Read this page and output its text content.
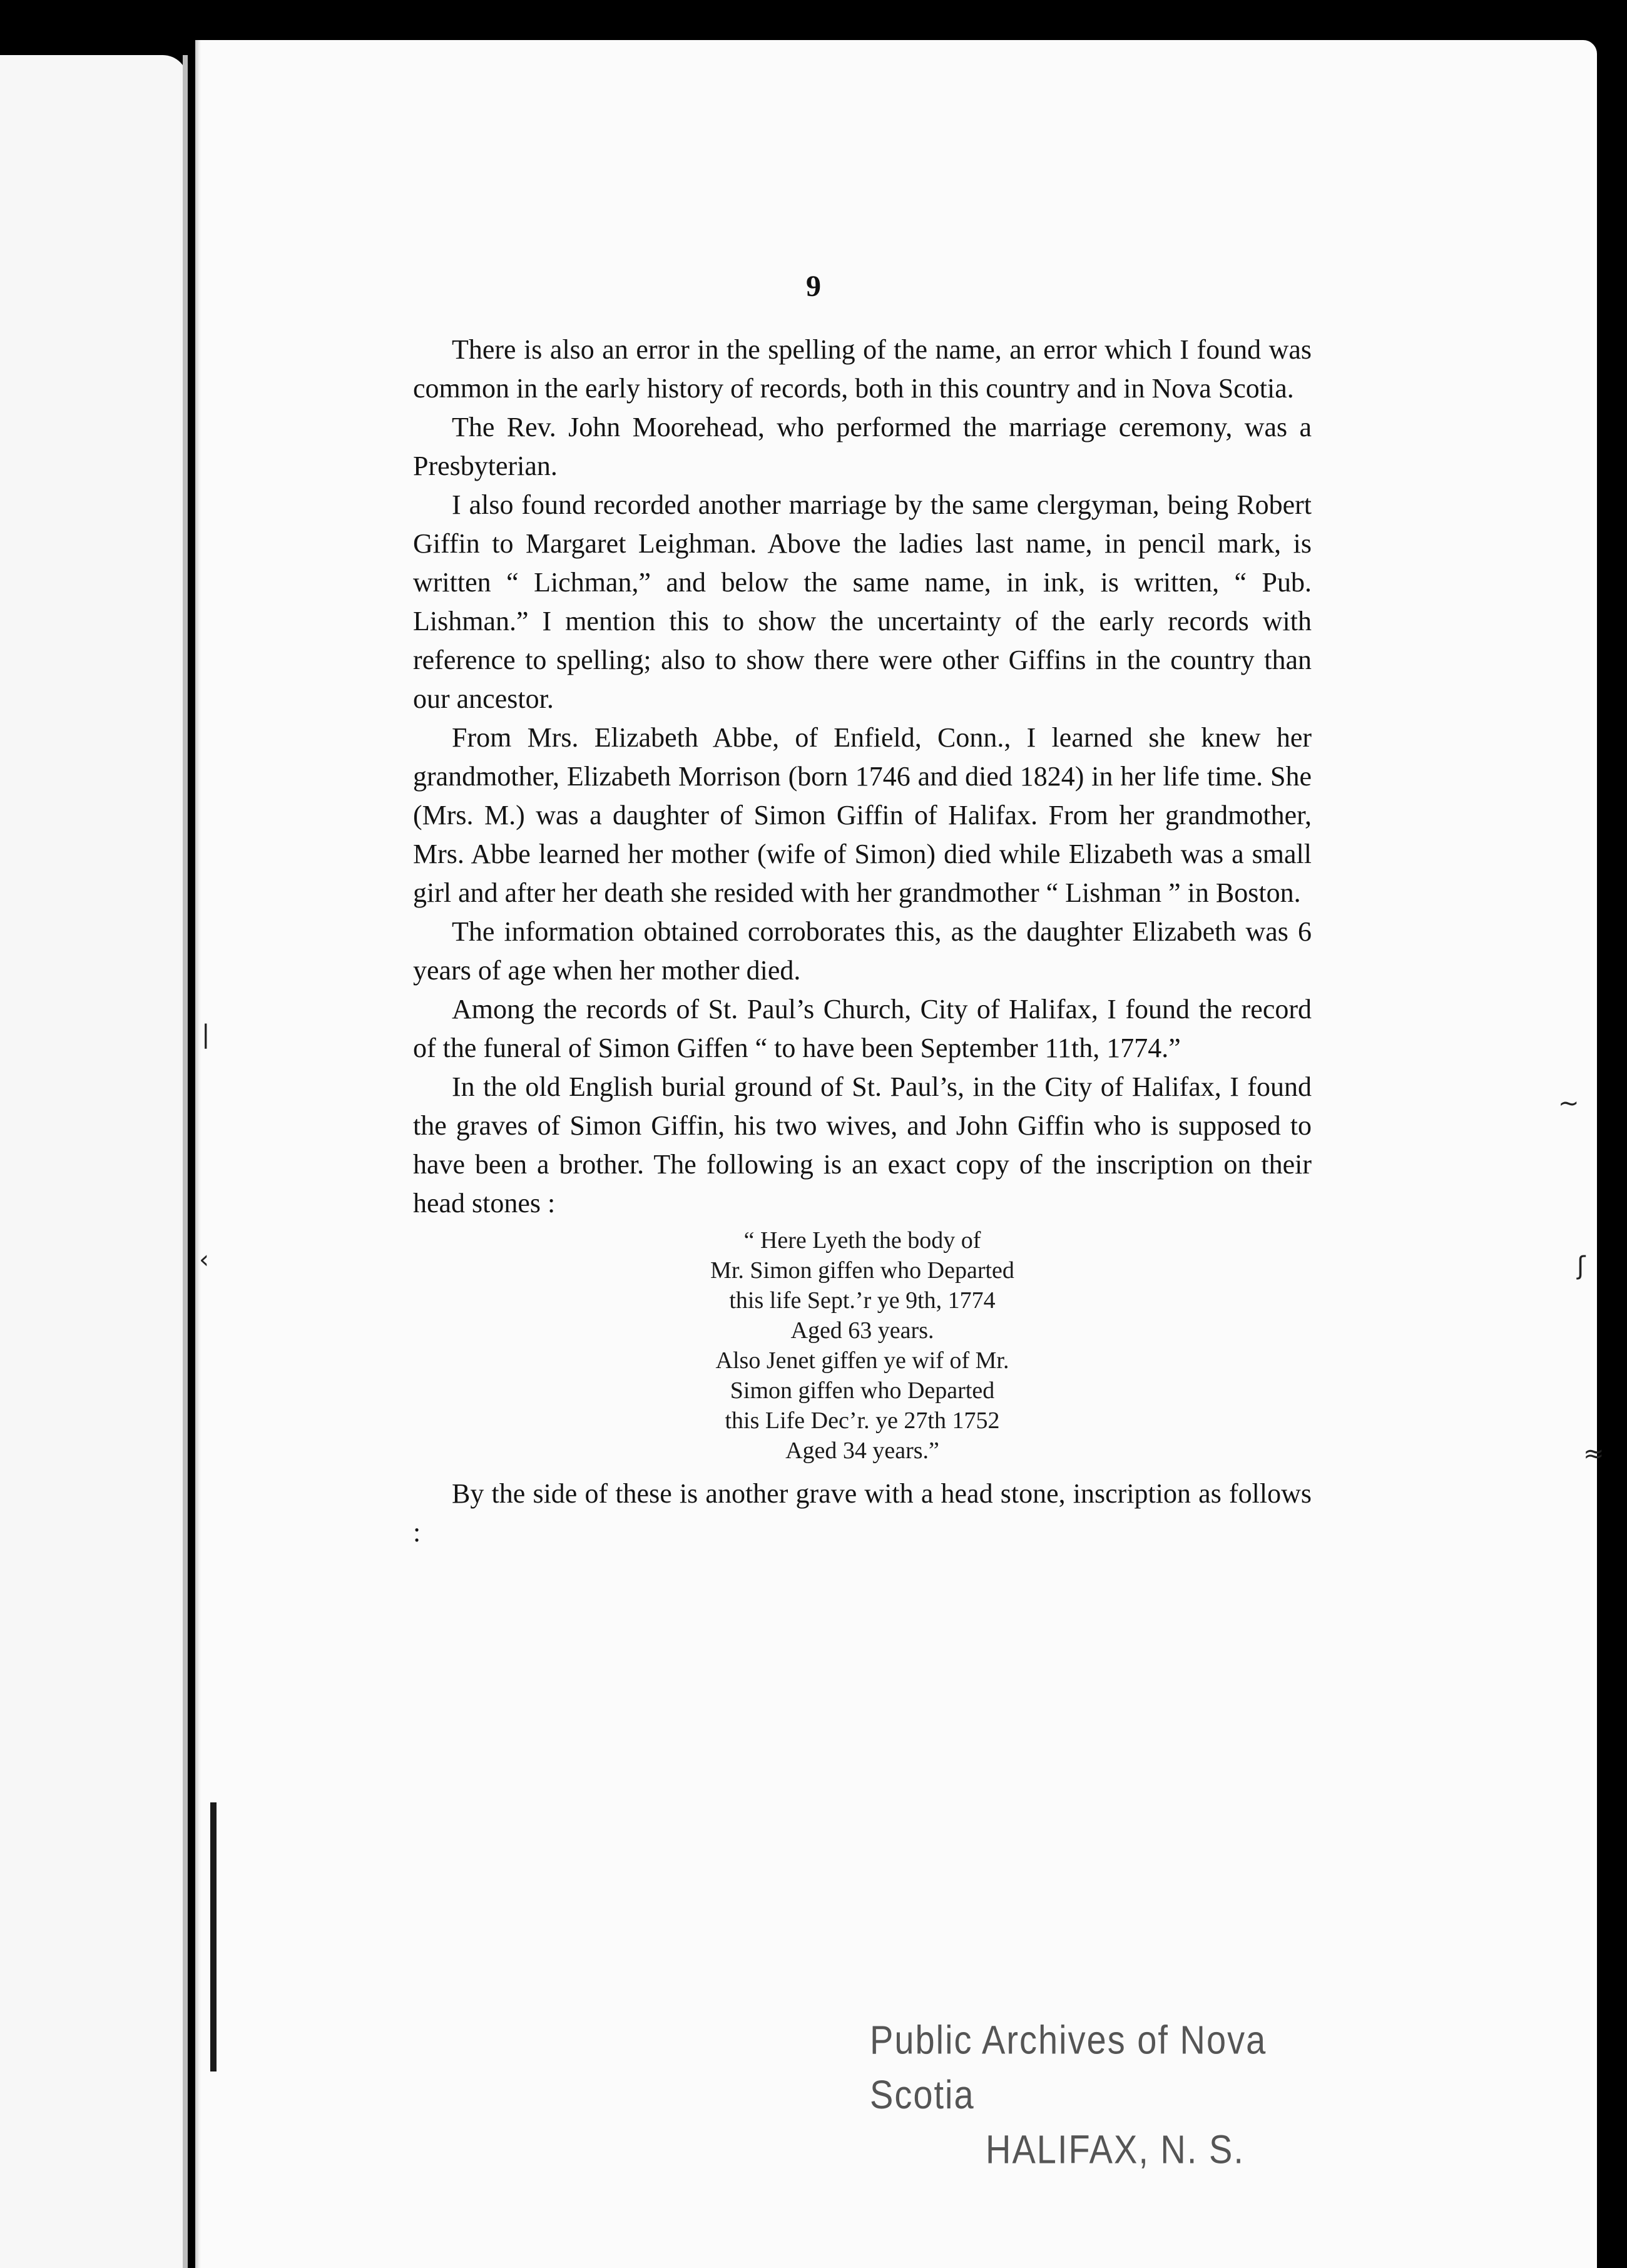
|
‹
~
ʃ
≈
9

There is also an error in the spelling of the name, an error which I found was common in the early history of records, both in this country and in Nova Scotia.

The Rev. John Moorehead, who performed the marriage ceremony, was a Presbyterian.

I also found recorded another marriage by the same clergyman, being Robert Giffin to Margaret Leighman. Above the ladies last name, in pencil mark, is written “ Lichman,” and below the same name, in ink, is written, “ Pub. Lishman.” I mention this to show the uncertainty of the early records with reference to spelling; also to show there were other Giffins in the country than our ancestor.

From Mrs. Elizabeth Abbe, of Enfield, Conn., I learned she knew her grandmother, Elizabeth Morrison (born 1746 and died 1824) in her life time. She (Mrs. M.) was a daughter of Simon Giffin of Halifax. From her grandmother, Mrs. Abbe learned her mother (wife of Simon) died while Elizabeth was a small girl and after her death she resided with her grandmother “ Lishman ” in Boston.

The information obtained corroborates this, as the daughter Elizabeth was 6 years of age when her mother died.

Among the records of St. Paul’s Church, City of Halifax, I found the record of the funeral of Simon Giffen “ to have been September 11th, 1774.”

In the old English burial ground of St. Paul’s, in the City of Halifax, I found the graves of Simon Giffin, his two wives, and John Giffin who is supposed to have been a brother. The following is an exact copy of the inscription on their head stones :

“ Here Lyeth the body of
Mr. Simon giffen who Departed
this life Sept.’r ye 9th, 1774
Aged 63 years.
Also Jenet giffen ye wif of Mr.
Simon giffen who Departed
this Life Dec’r. ye 27th 1752
Aged 34 years.”

By the side of these is another grave with a head stone, inscription as follows :

Public Archives of Nova Scotia
HALIFAX, N. S.
